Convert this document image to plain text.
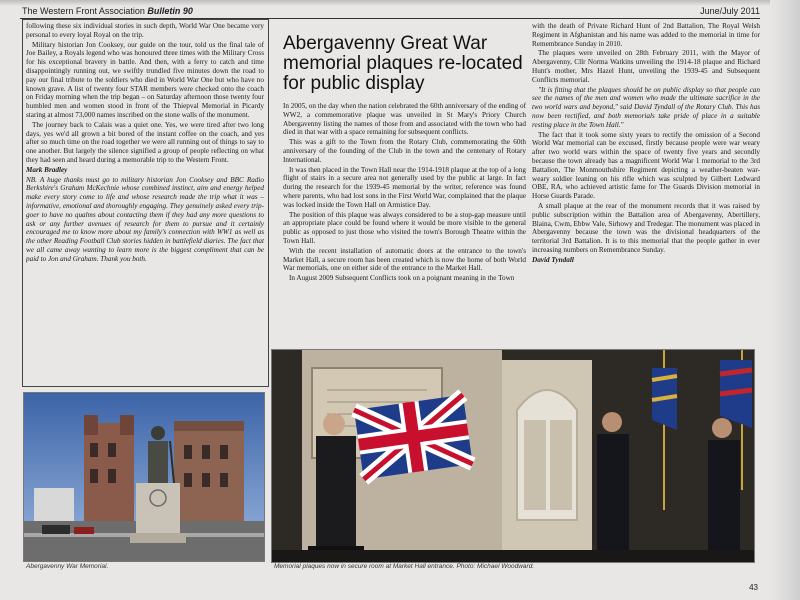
The Western Front Association Bulletin 90	June/July 2011

following these six individual stories in such depth, World War One became very personal to every loyal Royal on the trip.

Military historian Jon Cooksey, our guide on the tour, told us the final tale of Joe Bailey, a Royals legend who was honoured three times with the Military Cross for his exceptional bravery in battle. And then, with a ferry to catch and time disappointingly running out, we swiftly trundled five minutes down the road to pay our final tribute to the soldiers who died in World War One but who have no known grave. A list of twenty four STAR members were checked onto the coach on Friday morning when the trip began – on Saturday afternoon those twenty four humbled men and women stood in front of the Thiepval Memorial in Picardy staring at almost 73,000 names inscribed on the stone walls of the monument.

The journey back to Calais was a quiet one. Yes, we were tired after two long days, yes we'd all grown a bit bored of the instant coffee on the coach, and yes after so much time on the road together we were all running out of things to say to one another. But largely the silence signified a group of people reflecting on what they had seen and heard during a memorable trip to the Western Front.

Mark Bradley

NB. A huge thanks must go to military historian Jon Cooksey and BBC Radio Berkshire's Graham McKechnie whose combined instinct, aim and energy helped make every story come to life and whose research made the trip what it was – informative, emotional and thoroughly engaging. They genuinely asked every trip-goer to have no qualms about contacting them if they had any more questions to ask or any further avenues of research for them to pursue and it certainly encouraged me to know more about my family's connection with WW1 as well as the other Reading Football Club stories hidden in battlefield diaries. The fact that we all came away wanting to learn more is the biggest compliment that can be paid to Jon and Graham. Thank you both.

Abergavenny Great War memorial plaques re-located for public display

In 2005, on the day when the nation celebrated the 60th anniversary of the ending of WW2, a commemorative plaque was unveiled in St Mary's Priory Church Abergavenny listing the names of those from and associated with the town who had died in that war with a space remaining for subsequent conflicts.

This was a gift to the Town from the Rotary Club, commemorating the 60th anniversary of the founding of the Club in the town and the centenary of Rotary International.

It was then placed in the Town Hall near the 1914-1918 plaque at the top of a long flight of stairs in a secure area not generally used by the public at large. In fact during the research for the 1939-45 memorial by the writer, reference was found where parents, who had lost sons in the First World War, complained that the plaque was locked inside the Town Hall on Armistice Day.

The position of this plaque was always considered to be a stop-gap measure until an appropriate place could be found where it would be more visible to the general public as opposed to just those who visited the town's Borough Theatre within the Town Hall.

With the recent installation of automatic doors at the entrance to the town's Market Hall, a secure room has been created which is now the home of both World War memorials, one on either side of the entrance to the Market Hall.

In August 2009 Subsequent Conflicts took on a poignant meaning in the Town

with the death of Private Richard Hunt of 2nd Battalion, The Royal Welsh Regiment in Afghanistan and his name was added to the memorial in time for Remembrance Sunday in 2010.

The plaques were unveiled on 28th February 2011, with the Mayor of Abergavenny, Cllr Norma Watkins unveiling the 1914-18 plaque and Richard Hunt's mother, Mrs Hazel Hunt, unveiling the 1939-45 and Subsequent Conflicts memorial.

"It is fitting that the plaques should be on public display so that people can see the names of the men and women who made the ultimate sacrifice in the two world wars and beyond," said David Tyndall of the Rotary Club. This has now been rectified, and both memorials take pride of place in a suitable resting place in the Town Hall."

The fact that it took some sixty years to rectify the omission of a Second World War memorial can be excused, firstly because people were war weary after two world wars within the space of twenty five years and secondly because the town already has a magnificent World War 1 memorial to the 3rd Battalion, The Monmouthshire Regiment depicting a weather-beaten war-weary soldier leaning on his rifle which was sculpted by Gilbert Ledward OBE, RA, who achieved artistic fame for The Guards Division memorial in Horse Guards Parade.

A small plaque at the rear of the monument records that it was raised by public subscription within the Battalion area of Abergavenny, Abertillery, Blaina, Cwm, Ebbw Vale, Sirhowy and Tredegar. The monument was placed in Abergavenny because the town was the divisional headquarters of the territorial 3rd Battalion. It is to this memorial that the people gather in ever increasing numbers on Remembrance Sunday.

David Tyndall

Abergavenny War Memorial.	Memorial plaques now in secure room at Market Hall entrance. Photo: Michael Woodward.
43
